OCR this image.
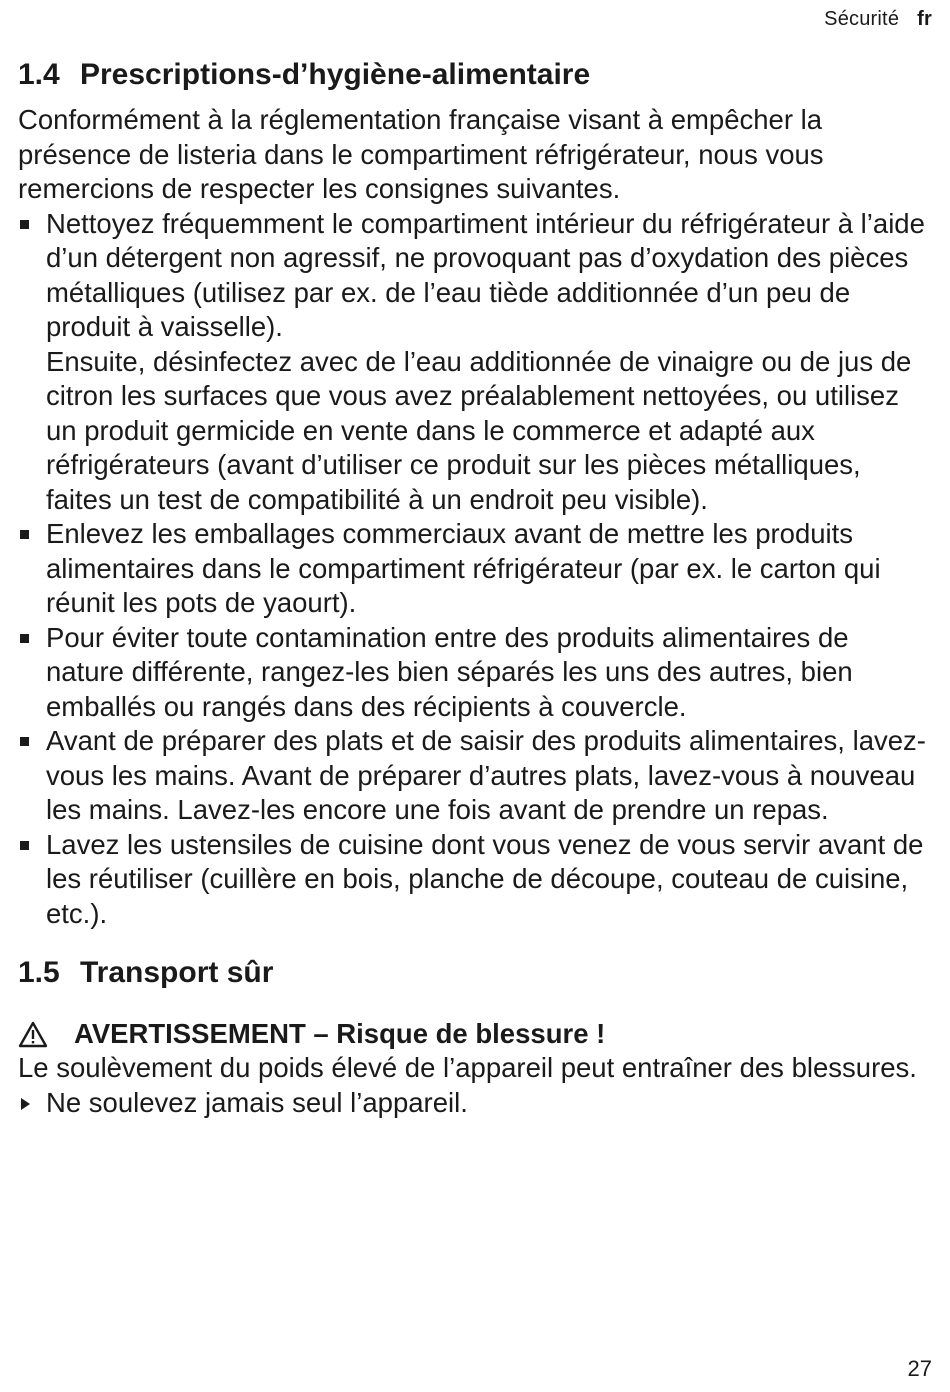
Sécurité fr
1.4 Prescriptions-d’hygiène-alimentaire

Conformément à la réglementation française visant à empêcher la présence de listeria dans le compartiment réfrigérateur, nous vous remercions de respecter les consignes suivantes.

Nettoyez fréquemment le compartiment intérieur du réfrigérateur à l’aide d’un détergent non agressif, ne provoquant pas d’oxydation des pièces métalliques (utilisez par ex. de l’eau tiède additionnée d’un peu de produit à vaisselle).
Ensuite, désinfectez avec de l’eau additionnée de vinaigre ou de jus de citron les surfaces que vous avez préalablement nettoyées, ou utilisez un produit germicide en vente dans le commerce et adapté aux réfrigérateurs (avant d’utiliser ce produit sur les pièces métalliques, faites un test de compatibilité à un endroit peu visible).
Enlevez les emballages commerciaux avant de mettre les produits alimentaires dans le compartiment réfrigérateur (par ex. le carton qui réunit les pots de yaourt).
Pour éviter toute contamination entre des produits alimentaires de nature différente, rangez-les bien séparés les uns des autres, bien emballés ou rangés dans des récipients à couvercle.
Avant de préparer des plats et de saisir des produits alimentaires, lavez-vous les mains. Avant de préparer d’autres plats, lavez-vous à nouveau les mains. Lavez-les encore une fois avant de prendre un repas.
Lavez les ustensiles de cuisine dont vous venez de vous servir avant de les réutiliser (cuillère en bois, planche de découpe, couteau de cuisine, etc.).
1.5 Transport sûr
AVERTISSEMENT – Risque de blessure !

Le soulèvement du poids élevé de l’appareil peut entraîner des blessures.

Ne soulevez jamais seul l’appareil.

27
